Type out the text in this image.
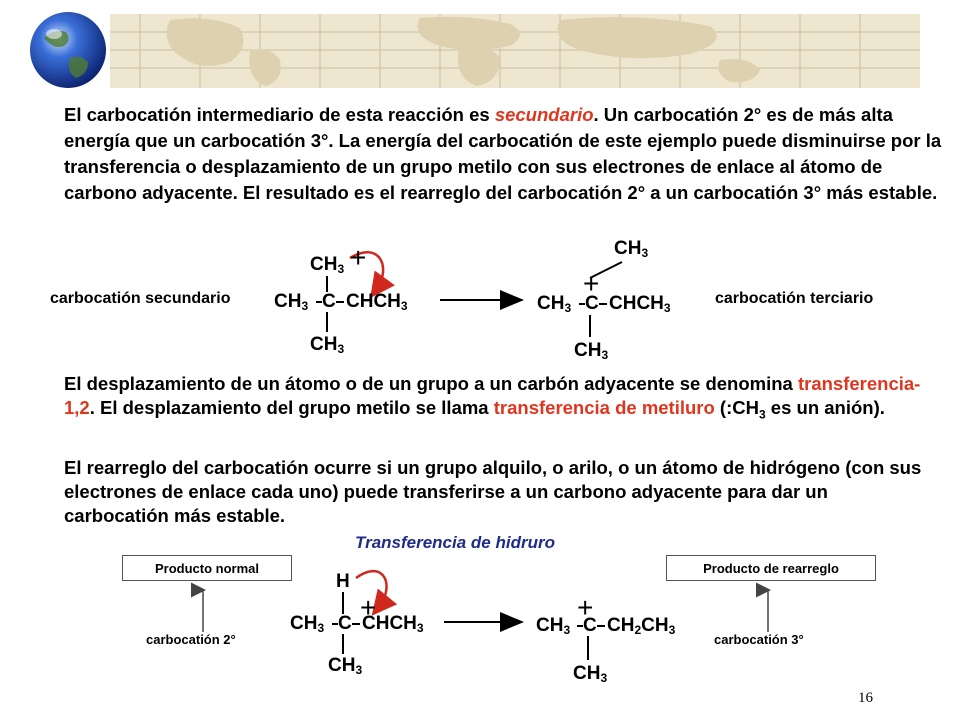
El carbocatión intermediario de esta reacción es secundario. Un carbocatión 2° es de más alta energía que un carbocatión 3°. La energía del carbocatión de este ejemplo puede disminuirse por la transferencia o desplazamiento de un grupo metilo con sus electrones de enlace al átomo de carbono adyacente. El resultado es el rearreglo del carbocatión 2° a un carbocatión 3° más estable.

carbocatión secundario	carbocatión terciario
$CH_3$
$CH_3$ C $CHCH_3$
$CH_3$
+	$CH_3$
$CH_3$ C $CHCH_3$
$CH_3$
+

El desplazamiento de un átomo o de un grupo a un carbón adyacente se denomina transferencia-1,2. El desplazamiento del grupo metilo se llama transferencia de metiluro ($:CH_3$ es un anión).

El rearreglo del carbocatión ocurre si un grupo alquilo, o arilo, o un átomo de hidrógeno (con sus electrones de enlace cada uno) puede transferirse a un carbono adyacente para dar un carbocatión más estable.

Transferencia de hidruro
Producto normal	Producto de rearreglo
carbocatión 2°	carbocatión 3°
H
$CH_3$ C $CHCH_3$
$CH_3$
+
$CH_3$ C $CH_2CH_3$
$CH_3$
+
16
